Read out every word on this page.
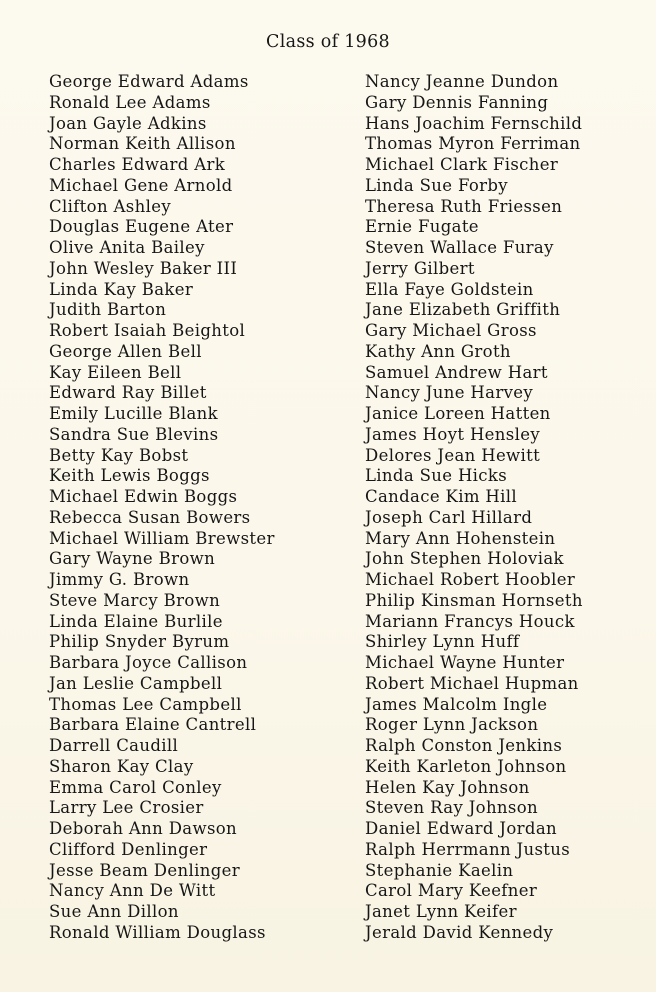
Class of 1968
George Edward Adams
Ronald Lee Adams
Joan Gayle Adkins
Norman Keith Allison
Charles Edward Ark
Michael Gene Arnold
Clifton Ashley
Douglas Eugene Ater
Olive Anita Bailey
John Wesley Baker III
Linda Kay Baker
Judith Barton
Robert Isaiah Beightol
George Allen Bell
Kay Eileen Bell
Edward Ray Billet
Emily Lucille Blank
Sandra Sue Blevins
Betty Kay Bobst
Keith Lewis Boggs
Michael Edwin Boggs
Rebecca Susan Bowers
Michael William Brewster
Gary Wayne Brown
Jimmy G. Brown
Steve Marcy Brown
Linda Elaine Burlile
Philip Snyder Byrum
Barbara Joyce Callison
Jan Leslie Campbell
Thomas Lee Campbell
Barbara Elaine Cantrell
Darrell Caudill
Sharon Kay Clay
Emma Carol Conley
Larry Lee Crosier
Deborah Ann Dawson
Clifford Denlinger
Jesse Beam Denlinger
Nancy Ann De Witt
Sue Ann Dillon
Ronald William Douglass
Nancy Jeanne Dundon
Gary Dennis Fanning
Hans Joachim Fernschild
Thomas Myron Ferriman
Michael Clark Fischer
Linda Sue Forby
Theresa Ruth Friessen
Ernie Fugate
Steven Wallace Furay
Jerry Gilbert
Ella Faye Goldstein
Jane Elizabeth Griffith
Gary Michael Gross
Kathy Ann Groth
Samuel Andrew Hart
Nancy June Harvey
Janice Loreen Hatten
James Hoyt Hensley
Delores Jean Hewitt
Linda Sue Hicks
Candace Kim Hill
Joseph Carl Hillard
Mary Ann Hohenstein
John Stephen Holoviak
Michael Robert Hoobler
Philip Kinsman Hornseth
Mariann Francys Houck
Shirley Lynn Huff
Michael Wayne Hunter
Robert Michael Hupman
James Malcolm Ingle
Roger Lynn Jackson
Ralph Conston Jenkins
Keith Karleton Johnson
Helen Kay Johnson
Steven Ray Johnson
Daniel Edward Jordan
Ralph Herrmann Justus
Stephanie Kaelin
Carol Mary Keefner
Janet Lynn Keifer
Jerald David Kennedy
